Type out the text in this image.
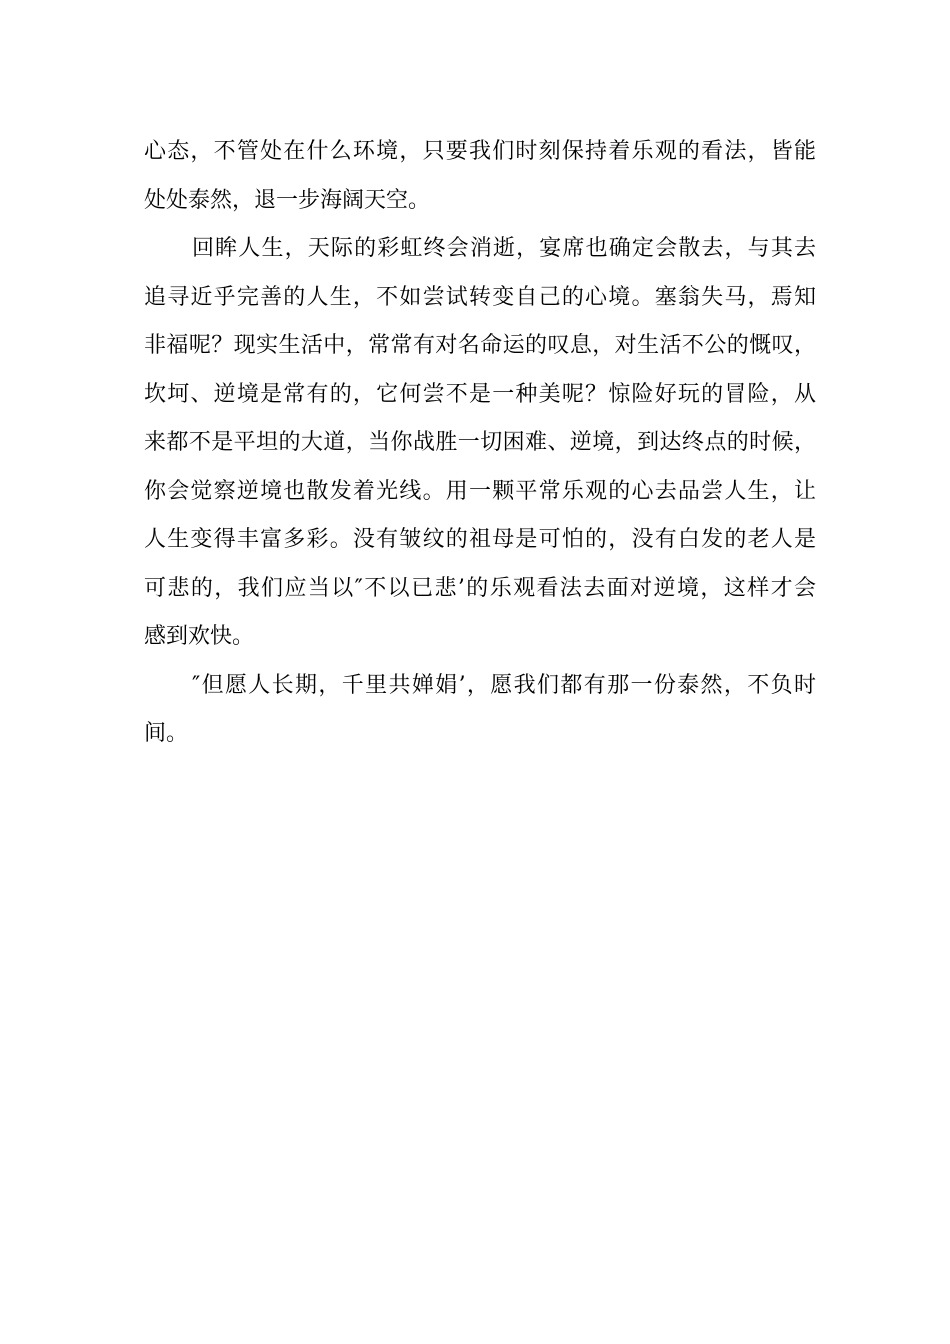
心态，不管处在什么环境，只要我们时刻保持着乐观的看法，皆能
处处泰然，退一步海阔天空。
回眸人生，天际的彩虹终会消逝，宴席也确定会散去，与其去
追寻近乎完善的人生，不如尝试转变自己的心境。塞翁失马，焉知
非福呢？现实生活中，常常有对名命运的叹息，对生活不公的慨叹，
坎坷、逆境是常有的，它何尝不是一种美呢？惊险好玩的冒险，从
来都不是平坦的大道，当你战胜一切困难、逆境，到达终点的时候，
你会觉察逆境也散发着光线。用一颗平常乐观的心去品尝人生，让
人生变得丰富多彩。没有皱纹的祖母是可怕的，没有白发的老人是
可悲的，我们应当以″不以已悲’的乐观看法去面对逆境，这样才会
感到欢快。
″但愿人长期，千里共婵娟’，愿我们都有那一份泰然，不负时
间。
